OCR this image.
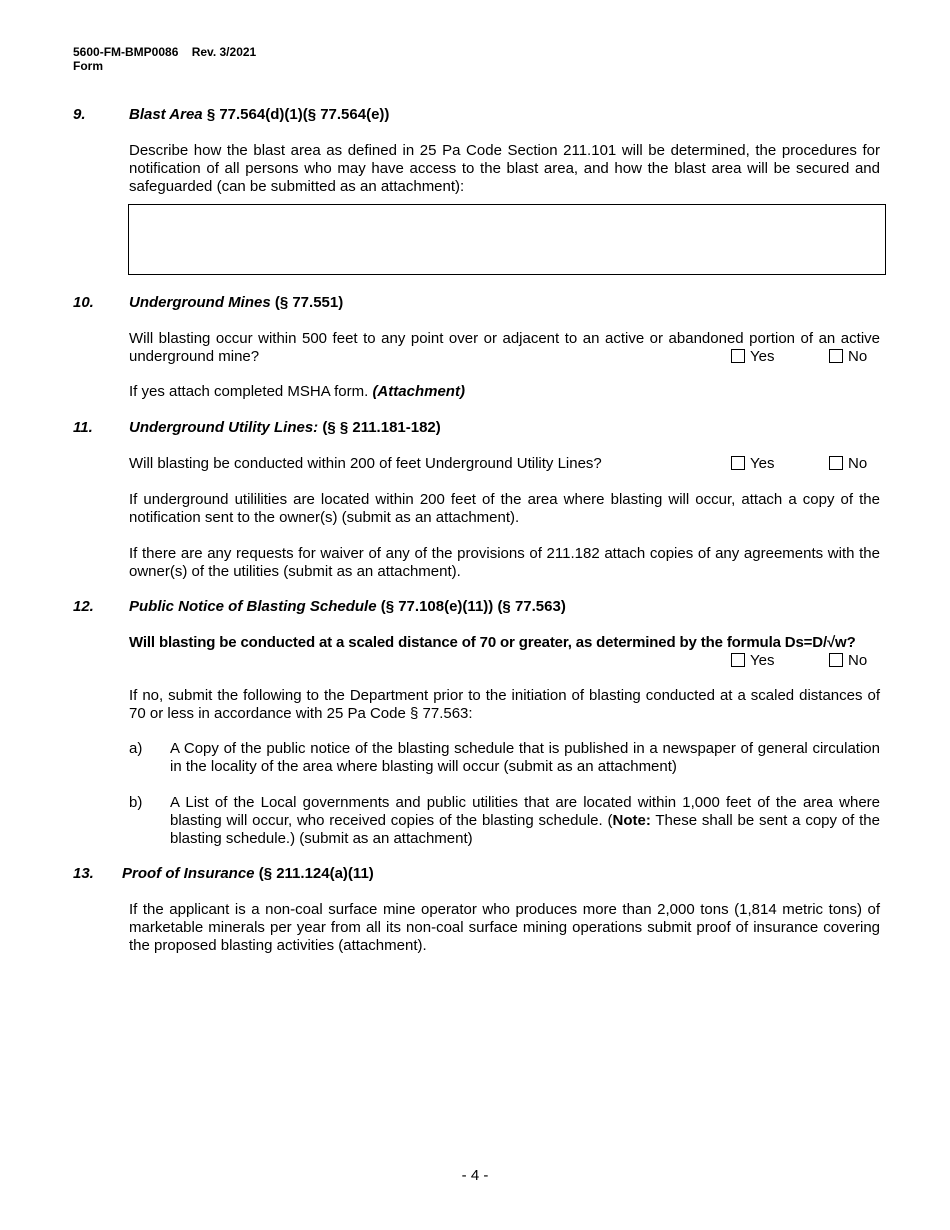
5600-FM-BMP0086 Rev. 3/2021
Form
9.	Blast Area § 77.564(d)(1)(§ 77.564(e))
Describe how the blast area as defined in 25 Pa Code Section 211.101 will be determined, the procedures for notification of all persons who may have access to the blast area, and how the blast area will be secured and safeguarded (can be submitted as an attachment):
10. Underground Mines (§ 77.551)
Will blasting occur within 500 feet to any point over or adjacent to an active or abandoned portion of an active underground mine?	Yes	No
If yes attach completed MSHA form. (Attachment)
11. Underground Utility Lines: (§ § 211.181-182)
Will blasting be conducted within 200 of feet Underground Utility Lines?	Yes	No
If underground utililities are located within 200 feet of the area where blasting will occur, attach a copy of the notification sent to the owner(s) (submit as an attachment).
If there are any requests for waiver of any of the provisions of 211.182 attach copies of any agreements with the owner(s) of the utilities (submit as an attachment).
12. Public Notice of Blasting Schedule (§ 77.108(e)(11)) (§ 77.563)
Will blasting be conducted at a scaled distance of 70 or greater, as determined by the formula Ds=D/√w?
Yes	No
If no, submit the following to the Department prior to the initiation of blasting conducted at a scaled distances of 70 or less in accordance with 25 Pa Code § 77.563:
a) A Copy of the public notice of the blasting schedule that is published in a newspaper of general circulation in the locality of the area where blasting will occur (submit as an attachment)
b) A List of the Local governments and public utilities that are located within 1,000 feet of the area where blasting will occur, who received copies of the blasting schedule. (Note: These shall be sent a copy of the blasting schedule.) (submit as an attachment)
13. Proof of Insurance (§ 211.124(a)(11)
If the applicant is a non-coal surface mine operator who produces more than 2,000 tons (1,814 metric tons) of marketable minerals per year from all its non-coal surface mining operations submit proof of insurance covering the proposed blasting activities (attachment).
- 4 -
